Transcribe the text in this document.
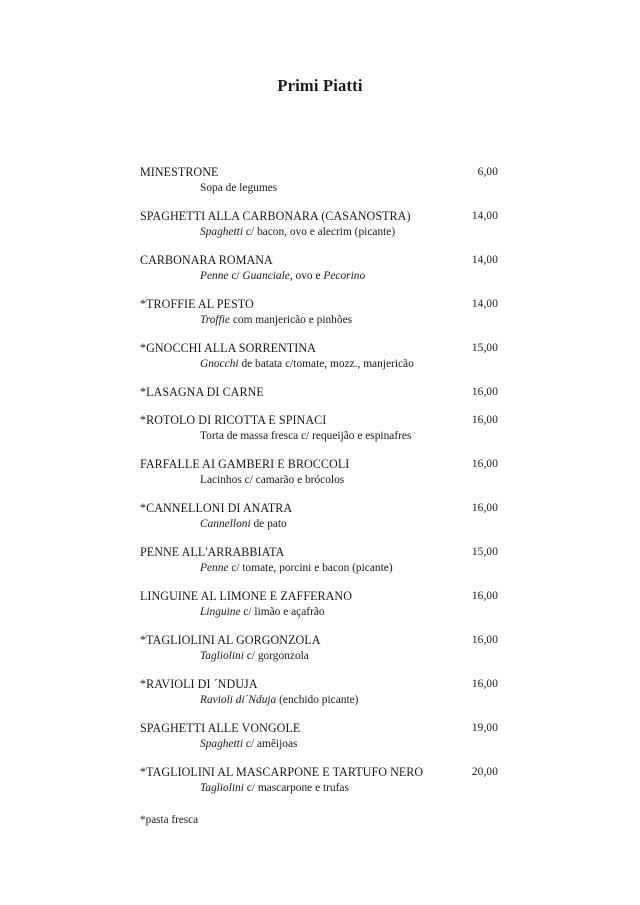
Primi Piatti
MINESTRONE	6,00
Sopa de legumes
SPAGHETTI ALLA CARBONARA (CASANOSTRA)	14,00
Spaghetti c/ bacon, ovo e alecrim (picante)
CARBONARA ROMANA	14,00
Penne c/ Guanciale, ovo e Pecorino
*TROFFIE AL PESTO	14,00
Troffie com manjericão e pinhões
*GNOCCHI ALLA SORRENTINA	15,00
Gnocchi de batata c/tomate, mozz., manjericão
*LASAGNA DI CARNE	16,00
*ROTOLO DI RICOTTA E SPINACI	16,00
Torta de massa fresca c/ requeijão e espinafres
FARFALLE AI GAMBERI E BROCCOLI	16,00
Lacinhos c/ camarão e brócolos
*CANNELLONI DI ANATRA	16,00
Cannelloni de pato
PENNE ALL'ARRABBIATA	15,00
Penne c/ tomate, porcini e bacon (picante)
LINGUINE AL LIMONE E ZAFFERANO	16,00
Linguine c/ limão e açafrão
*TAGLIOLINI AL GORGONZOLA	16,00
Tagliolini c/ gorgonzola
*RAVIOLI DI ´NDUJA	16,00
Ravioli di´Nduja (enchido picante)
SPAGHETTI ALLE VONGOLE	19,00
Spaghetti c/ amêijoas
*TAGLIOLINI AL MASCARPONE E TARTUFO NERO	20,00
Tagliolini c/ mascarpone e trufas
*pasta fresca
